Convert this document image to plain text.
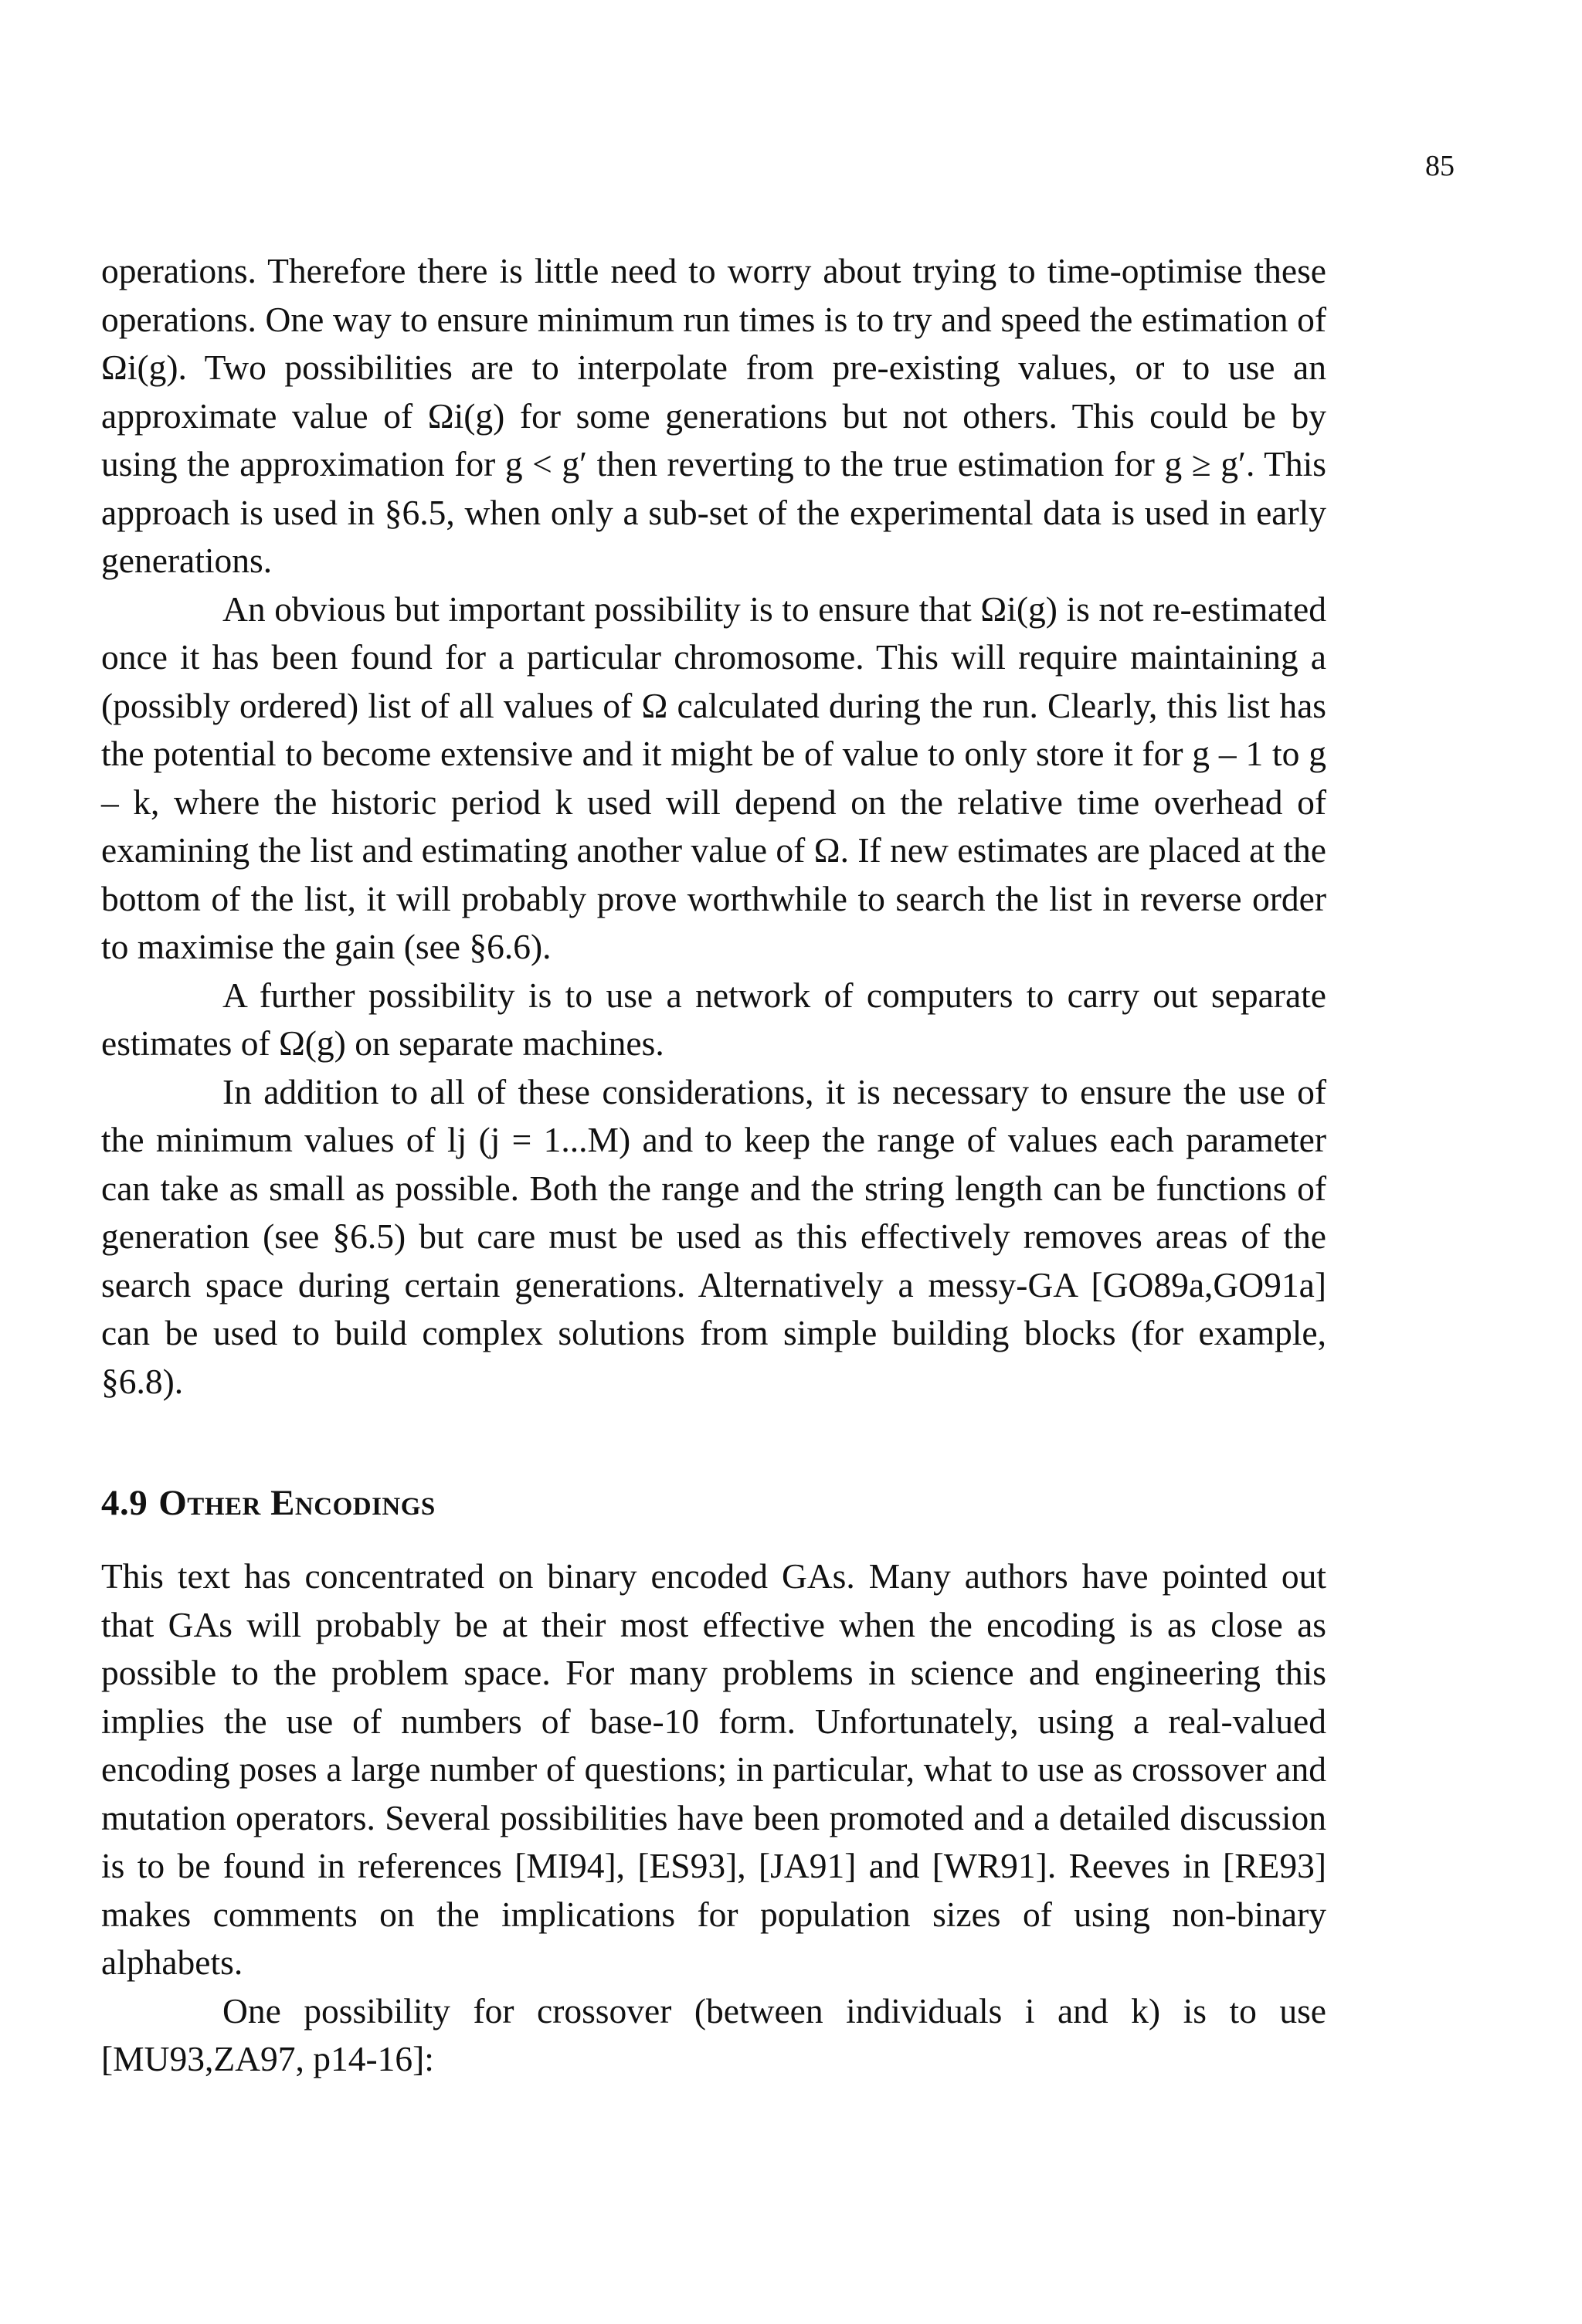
85

operations. Therefore there is little need to worry about trying to time-optimise these operations. One way to ensure minimum run times is to try and speed the estimation of Ωi(g). Two possibilities are to interpolate from pre-existing values, or to use an approximate value of Ωi(g) for some generations but not others. This could be by using the approximation for g < g′ then reverting to the true estimation for g ≥ g′. This approach is used in §6.5, when only a sub-set of the experimental data is used in early generations.

An obvious but important possibility is to ensure that Ωi(g) is not re-estimated once it has been found for a particular chromosome. This will require maintaining a (possibly ordered) list of all values of Ω calculated during the run. Clearly, this list has the potential to become extensive and it might be of value to only store it for g – 1 to g – k, where the historic period k used will depend on the relative time overhead of examining the list and estimating another value of Ω. If new estimates are placed at the bottom of the list, it will probably prove worthwhile to search the list in reverse order to maximise the gain (see §6.6).

A further possibility is to use a network of computers to carry out separate estimates of Ω(g) on separate machines.

In addition to all of these considerations, it is necessary to ensure the use of the minimum values of lj (j = 1...M) and to keep the range of values each parameter can take as small as possible. Both the range and the string length can be functions of generation (see §6.5) but care must be used as this effectively removes areas of the search space during certain generations. Alternatively a messy-GA [GO89a,GO91a] can be used to build complex solutions from simple building blocks (for example, §6.8).

4.9 Other Encodings

This text has concentrated on binary encoded GAs. Many authors have pointed out that GAs will probably be at their most effective when the encoding is as close as possible to the problem space. For many problems in science and engineering this implies the use of numbers of base-10 form. Unfortunately, using a real-valued encoding poses a large number of questions; in particular, what to use as crossover and mutation operators. Several possibilities have been promoted and a detailed discussion is to be found in references [MI94], [ES93], [JA91] and [WR91]. Reeves in [RE93] makes comments on the implications for population sizes of using non-binary alphabets.

One possibility for crossover (between individuals i and k) is to use [MU93,ZA97, p14-16]:
